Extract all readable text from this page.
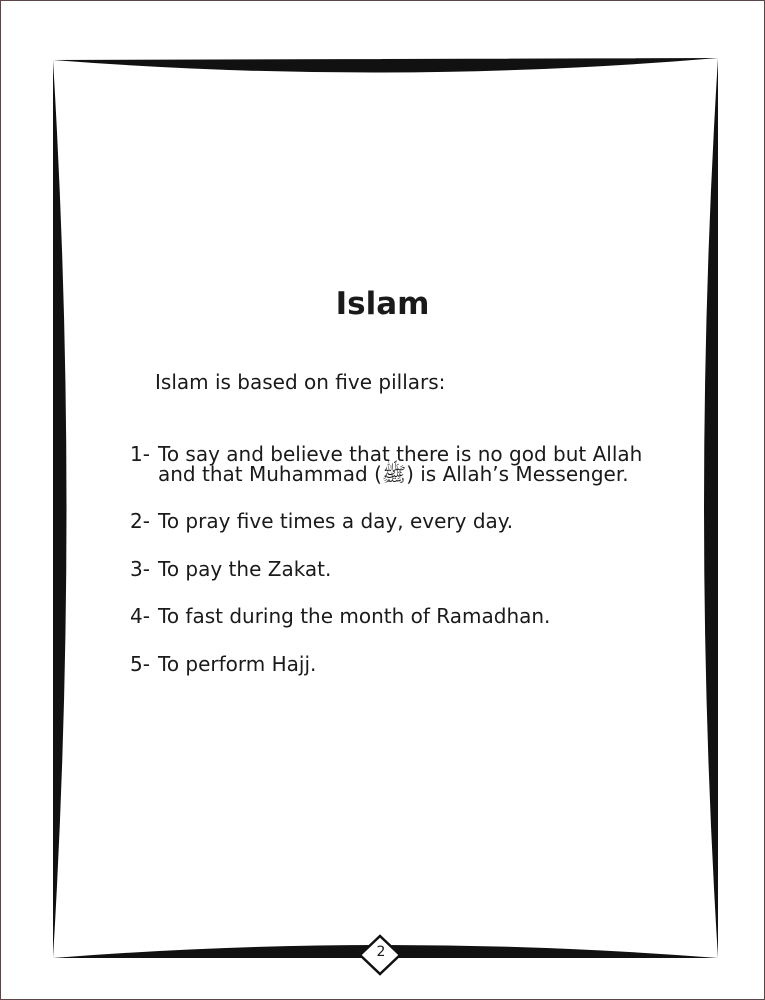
Islam
Islam is based on five pillars:
1- To say and believe that there is no god but Allah
and that Muhammad (ﷺ) is Allah’s Messenger.
2- To pray five times a day, every day.
3- To pay the Zakat.
4- To fast during the month of Ramadhan.
5- To perform Hajj.
2
